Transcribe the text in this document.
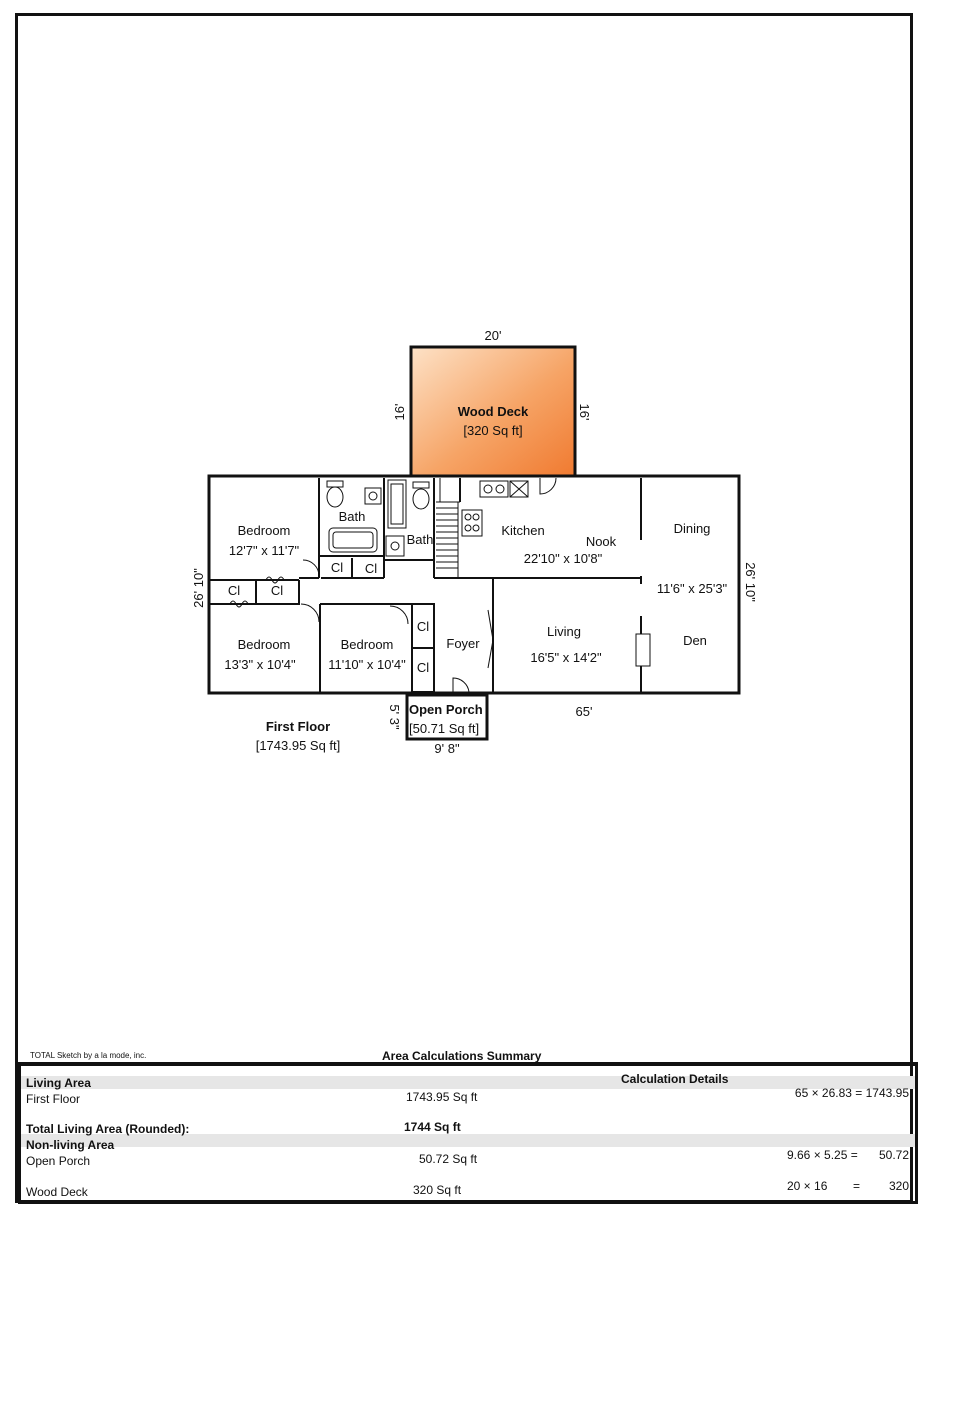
20'
16'	16'
26' 10"	26' 10"
65'
5' 3"
9' 8"
Wood Deck
[320 Sq ft]
Open Porch
[50.71 Sq ft]
First Floor
[1743.95 Sq ft]
Bedroom
12'7" x 11'7"
Bedroom
13'3" x 10'4"
Bedroom
11'10" x 10'4"
Bath
Bath
Kitchen
22'10" x 10'8"
Nook
Dining
11'6" x 25'3"
Living
16'5" x 14'2"
Den
Foyer
Cl Cl
Cl Cl
Cl
Cl
TOTAL Sketch by a la mode, inc.	Area Calculations Summary
Living Area	Calculation Details
First Floor	1743.95 Sq ft	65 × 26.83 = 1743.95
Total Living Area (Rounded):	1744 Sq ft
Non-living Area
Open Porch	50.72 Sq ft	9.66 × 5.25 = 50.72
Wood Deck	320 Sq ft	20 × 16 = 320
